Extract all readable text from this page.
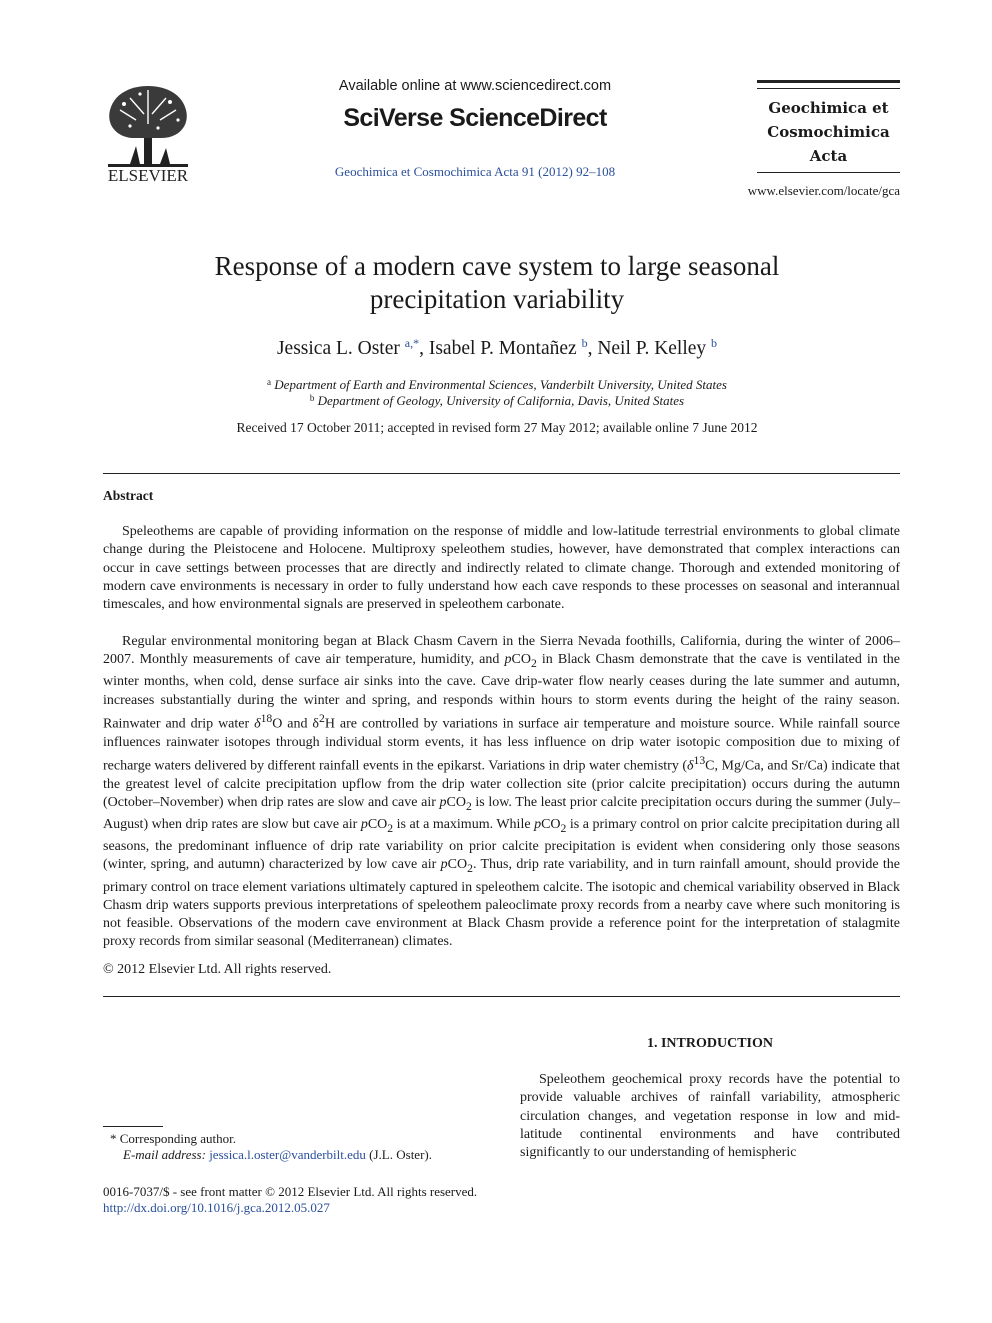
ELSEVIER
Available online at www.sciencedirect.com
SciVerse ScienceDirect
Geochimica et Cosmochimica Acta 91 (2012) 92–108
Geochimica et
Cosmochimica
Acta
www.elsevier.com/locate/gca
Response of a modern cave system to large seasonal
precipitation variability
Jessica L. Oster $^{a,*}$, Isabel P. Montañez $^b$, Neil P. Kelley $^b$
$^a$ Department of Earth and Environmental Sciences, Vanderbilt University, United States
$^b$ Department of Geology, University of California, Davis, United States
Received 17 October 2011; accepted in revised form 27 May 2012; available online 7 June 2012
Abstract

Speleothems are capable of providing information on the response of middle and low-latitude terrestrial environments to global climate change during the Pleistocene and Holocene. Multiproxy speleothem studies, however, have demonstrated that complex interactions can occur in cave settings between processes that are directly and indirectly related to climate change. Thorough and extended monitoring of modern cave environments is necessary in order to fully understand how each cave responds to these processes on seasonal and interannual timescales, and how environmental signals are preserved in speleothem carbonate.

Regular environmental monitoring began at Black Chasm Cavern in the Sierra Nevada foothills, California, during the winter of 2006–2007. Monthly measurements of cave air temperature, humidity, and pCO$_2$ in Black Chasm demonstrate that the cave is ventilated in the winter months, when cold, dense surface air sinks into the cave. Cave drip-water flow nearly ceases during the late summer and autumn, increases substantially during the winter and spring, and responds within hours to storm events during the height of the rainy season. Rainwater and drip water $\delta^{18}O$ and $\delta^2H$ are controlled by variations in surface air temperature and moisture source. While rainfall source influences rainwater isotopes through individual storm events, it has less influence on drip water isotopic composition due to mixing of recharge waters delivered by different rainfall events in the epikarst. Variations in drip water chemistry ($\delta^{13}C$, Mg/Ca, and Sr/Ca) indicate that the greatest level of calcite precipitation upflow from the drip water collection site (prior calcite precipitation) occurs during the autumn (October–November) when drip rates are slow and cave air pCO$_2$ is low. The least prior calcite precipitation occurs during the summer (July–August) when drip rates are slow but cave air pCO$_2$ is at a maximum. While pCO$_2$ is a primary control on prior calcite precipitation during all seasons, the predominant influence of drip rate variability on prior calcite precipitation is evident when considering only those seasons (winter, spring, and autumn) characterized by low cave air pCO$_2$. Thus, drip rate variability, and in turn rainfall amount, should provide the primary control on trace element variations ultimately captured in speleothem calcite. The isotopic and chemical variability observed in Black Chasm drip waters supports previous interpretations of speleothem paleoclimate proxy records from a nearby cave where such monitoring is not feasible. Observations of the modern cave environment at Black Chasm provide a reference point for the interpretation of stalagmite proxy records from similar seasonal (Mediterranean) climates.

© 2012 Elsevier Ltd. All rights reserved.
1. INTRODUCTION

Speleothem geochemical proxy records have the potential to provide valuable archives of rainfall variability, atmospheric circulation changes, and vegetation response in low and mid-latitude continental environments and have contributed significantly to our understanding of hemispheric

* Corresponding author.
E-mail address: jessica.l.oster@vanderbilt.edu (J.L. Oster).
0016-7037/$ - see front matter © 2012 Elsevier Ltd. All rights reserved.
http://dx.doi.org/10.1016/j.gca.2012.05.027
